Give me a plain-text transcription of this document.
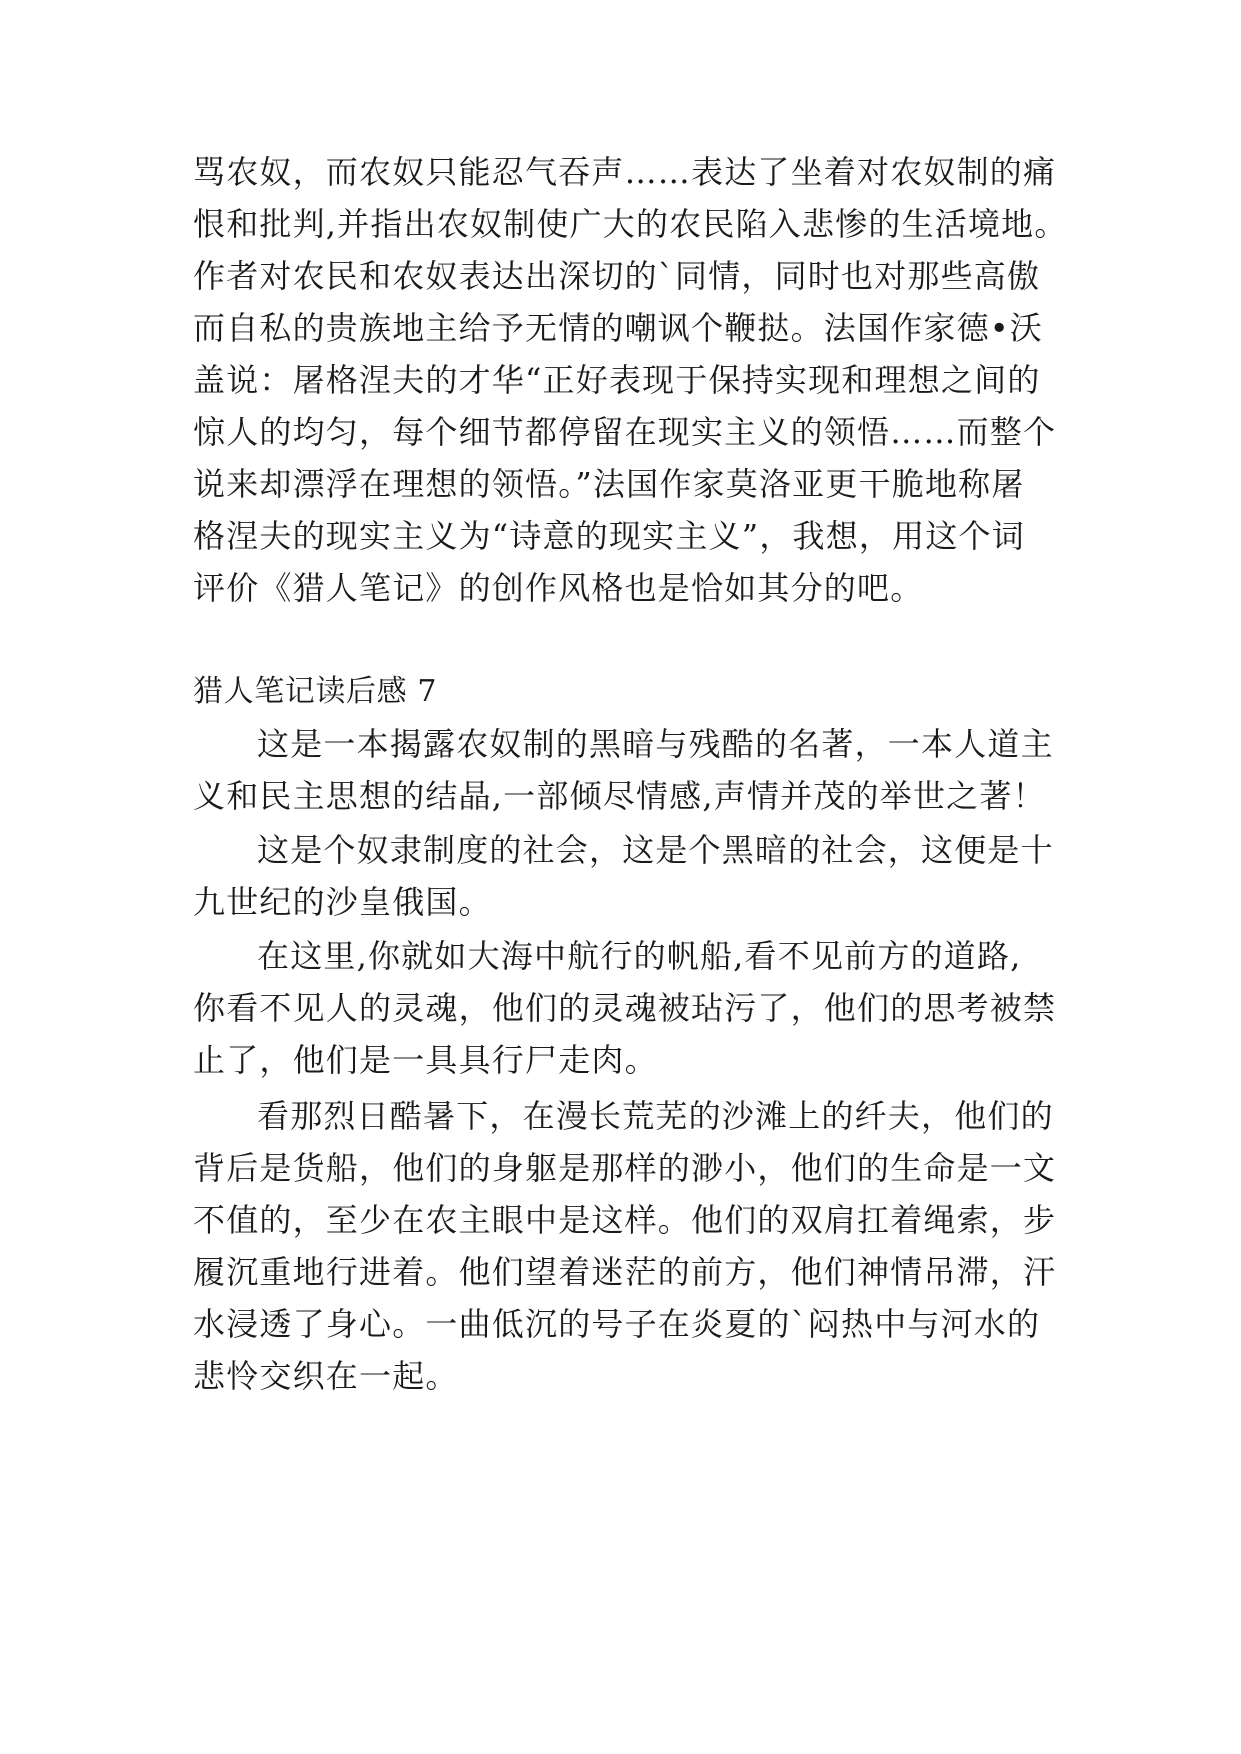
骂农奴，而农奴只能忍气吞声……表达了坐着对农奴制的痛
恨和批判,并指出农奴制使广大的农民陷入悲惨的生活境地。
作者对农民和农奴表达出深切的`同情，同时也对那些高傲
而自私的贵族地主给予无情的嘲讽个鞭挞。法国作家德•沃
盖说：屠格涅夫的才华“正好表现于保持实现和理想之间的
惊人的均匀，每个细节都停留在现实主义的领悟……而整个
说来却漂浮在理想的领悟。”法国作家莫洛亚更干脆地称屠
格涅夫的现实主义为“诗意的现实主义”，我想，用这个词
评价《猎人笔记》的创作风格也是恰如其分的吧。
猎人笔记读后感 7
这是一本揭露农奴制的黑暗与残酷的名著，一本人道主
义和民主思想的结晶,一部倾尽情感,声情并茂的举世之著！
这是个奴隶制度的社会，这是个黑暗的社会，这便是十
九世纪的沙皇俄国。
在这里,你就如大海中航行的帆船,看不见前方的道路,
你看不见人的灵魂，他们的灵魂被玷污了，他们的思考被禁
止了，他们是一具具行尸走肉。
看那烈日酷暑下，在漫长荒芜的沙滩上的纤夫，他们的
背后是货船，他们的身躯是那样的渺小，他们的生命是一文
不值的，至少在农主眼中是这样。他们的双肩扛着绳索，步
履沉重地行进着。他们望着迷茫的前方，他们神情吊滞，汗
水浸透了身心。一曲低沉的号子在炎夏的`闷热中与河水的
悲怜交织在一起。
